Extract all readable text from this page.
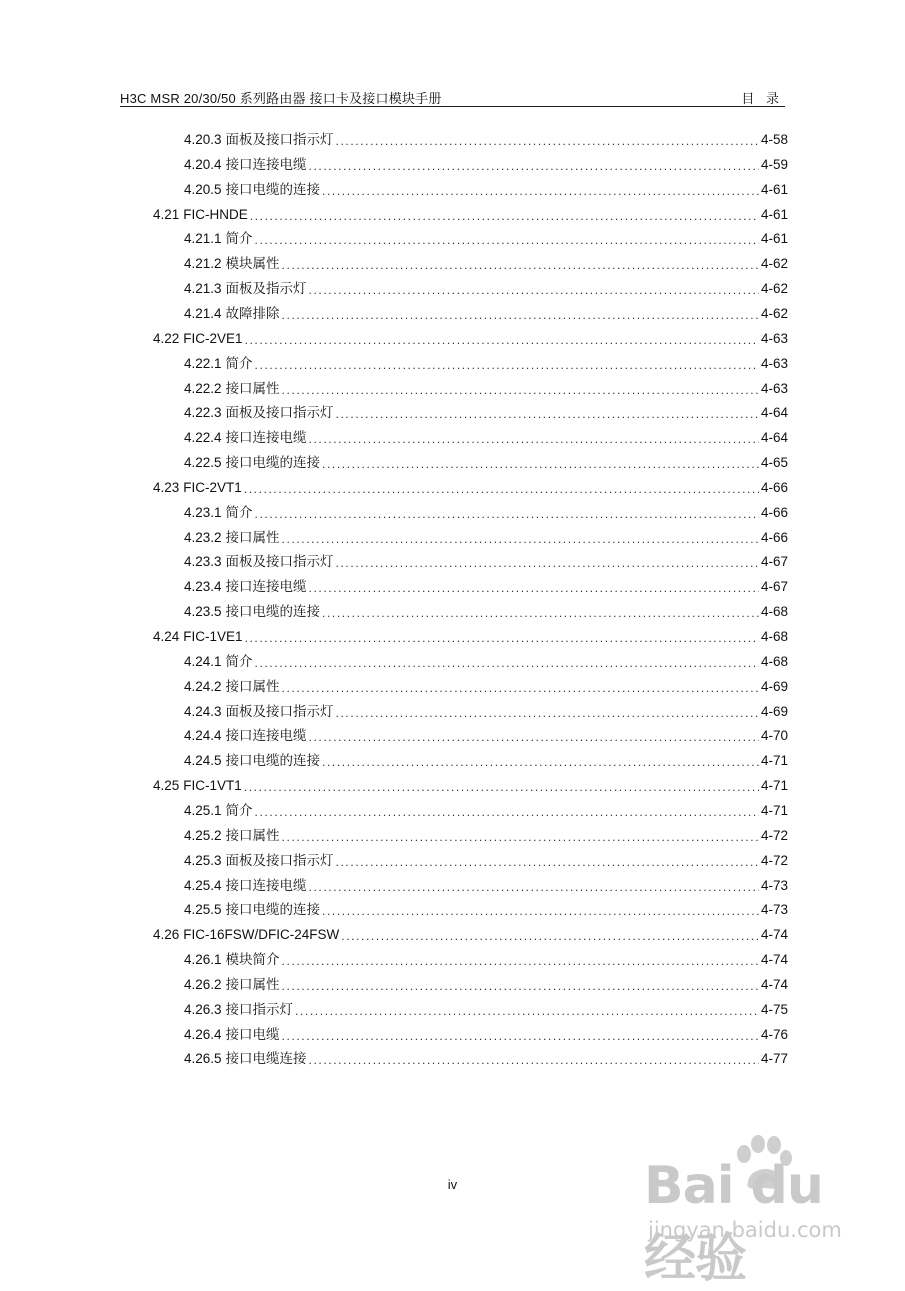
H3C MSR 20/30/50 系列路由器 接口卡及接口模块手册	目 录
4.20.3 面板及接口指示灯 .....	4-58
4.20.4 接口连接电缆 .....	4-59
4.20.5 接口电缆的连接 .....	4-61
4.21 FIC-HNDE .....	4-61
4.21.1 简介 .....	4-61
4.21.2 模块属性 .....	4-62
4.21.3 面板及指示灯 .....	4-62
4.21.4 故障排除 .....	4-62
4.22 FIC-2VE1 .....	4-63
4.22.1 简介 .....	4-63
4.22.2 接口属性 .....	4-63
4.22.3 面板及接口指示灯 .....	4-64
4.22.4 接口连接电缆 .....	4-64
4.22.5 接口电缆的连接 .....	4-65
4.23 FIC-2VT1 .....	4-66
4.23.1 简介 .....	4-66
4.23.2 接口属性 .....	4-66
4.23.3 面板及接口指示灯 .....	4-67
4.23.4 接口连接电缆 .....	4-67
4.23.5 接口电缆的连接 .....	4-68
4.24 FIC-1VE1 .....	4-68
4.24.1 简介 .....	4-68
4.24.2 接口属性 .....	4-69
4.24.3 面板及接口指示灯 .....	4-69
4.24.4 接口连接电缆 .....	4-70
4.24.5 接口电缆的连接 .....	4-71
4.25 FIC-1VT1 .....	4-71
4.25.1 简介 .....	4-71
4.25.2 接口属性 .....	4-72
4.25.3 面板及接口指示灯 .....	4-72
4.25.4 接口连接电缆 .....	4-73
4.25.5 接口电缆的连接 .....	4-73
4.26 FIC-16FSW/DFIC-24FSW .....	4-74
4.26.1 模块简介 .....	4-74
4.26.2 接口属性 .....	4-74
4.26.3 接口指示灯 .....	4-75
4.26.4 接口电缆 .....	4-76
4.26.5 接口电缆连接 .....	4-77
iv	Bai du 经验
jingyan.baidu.com
